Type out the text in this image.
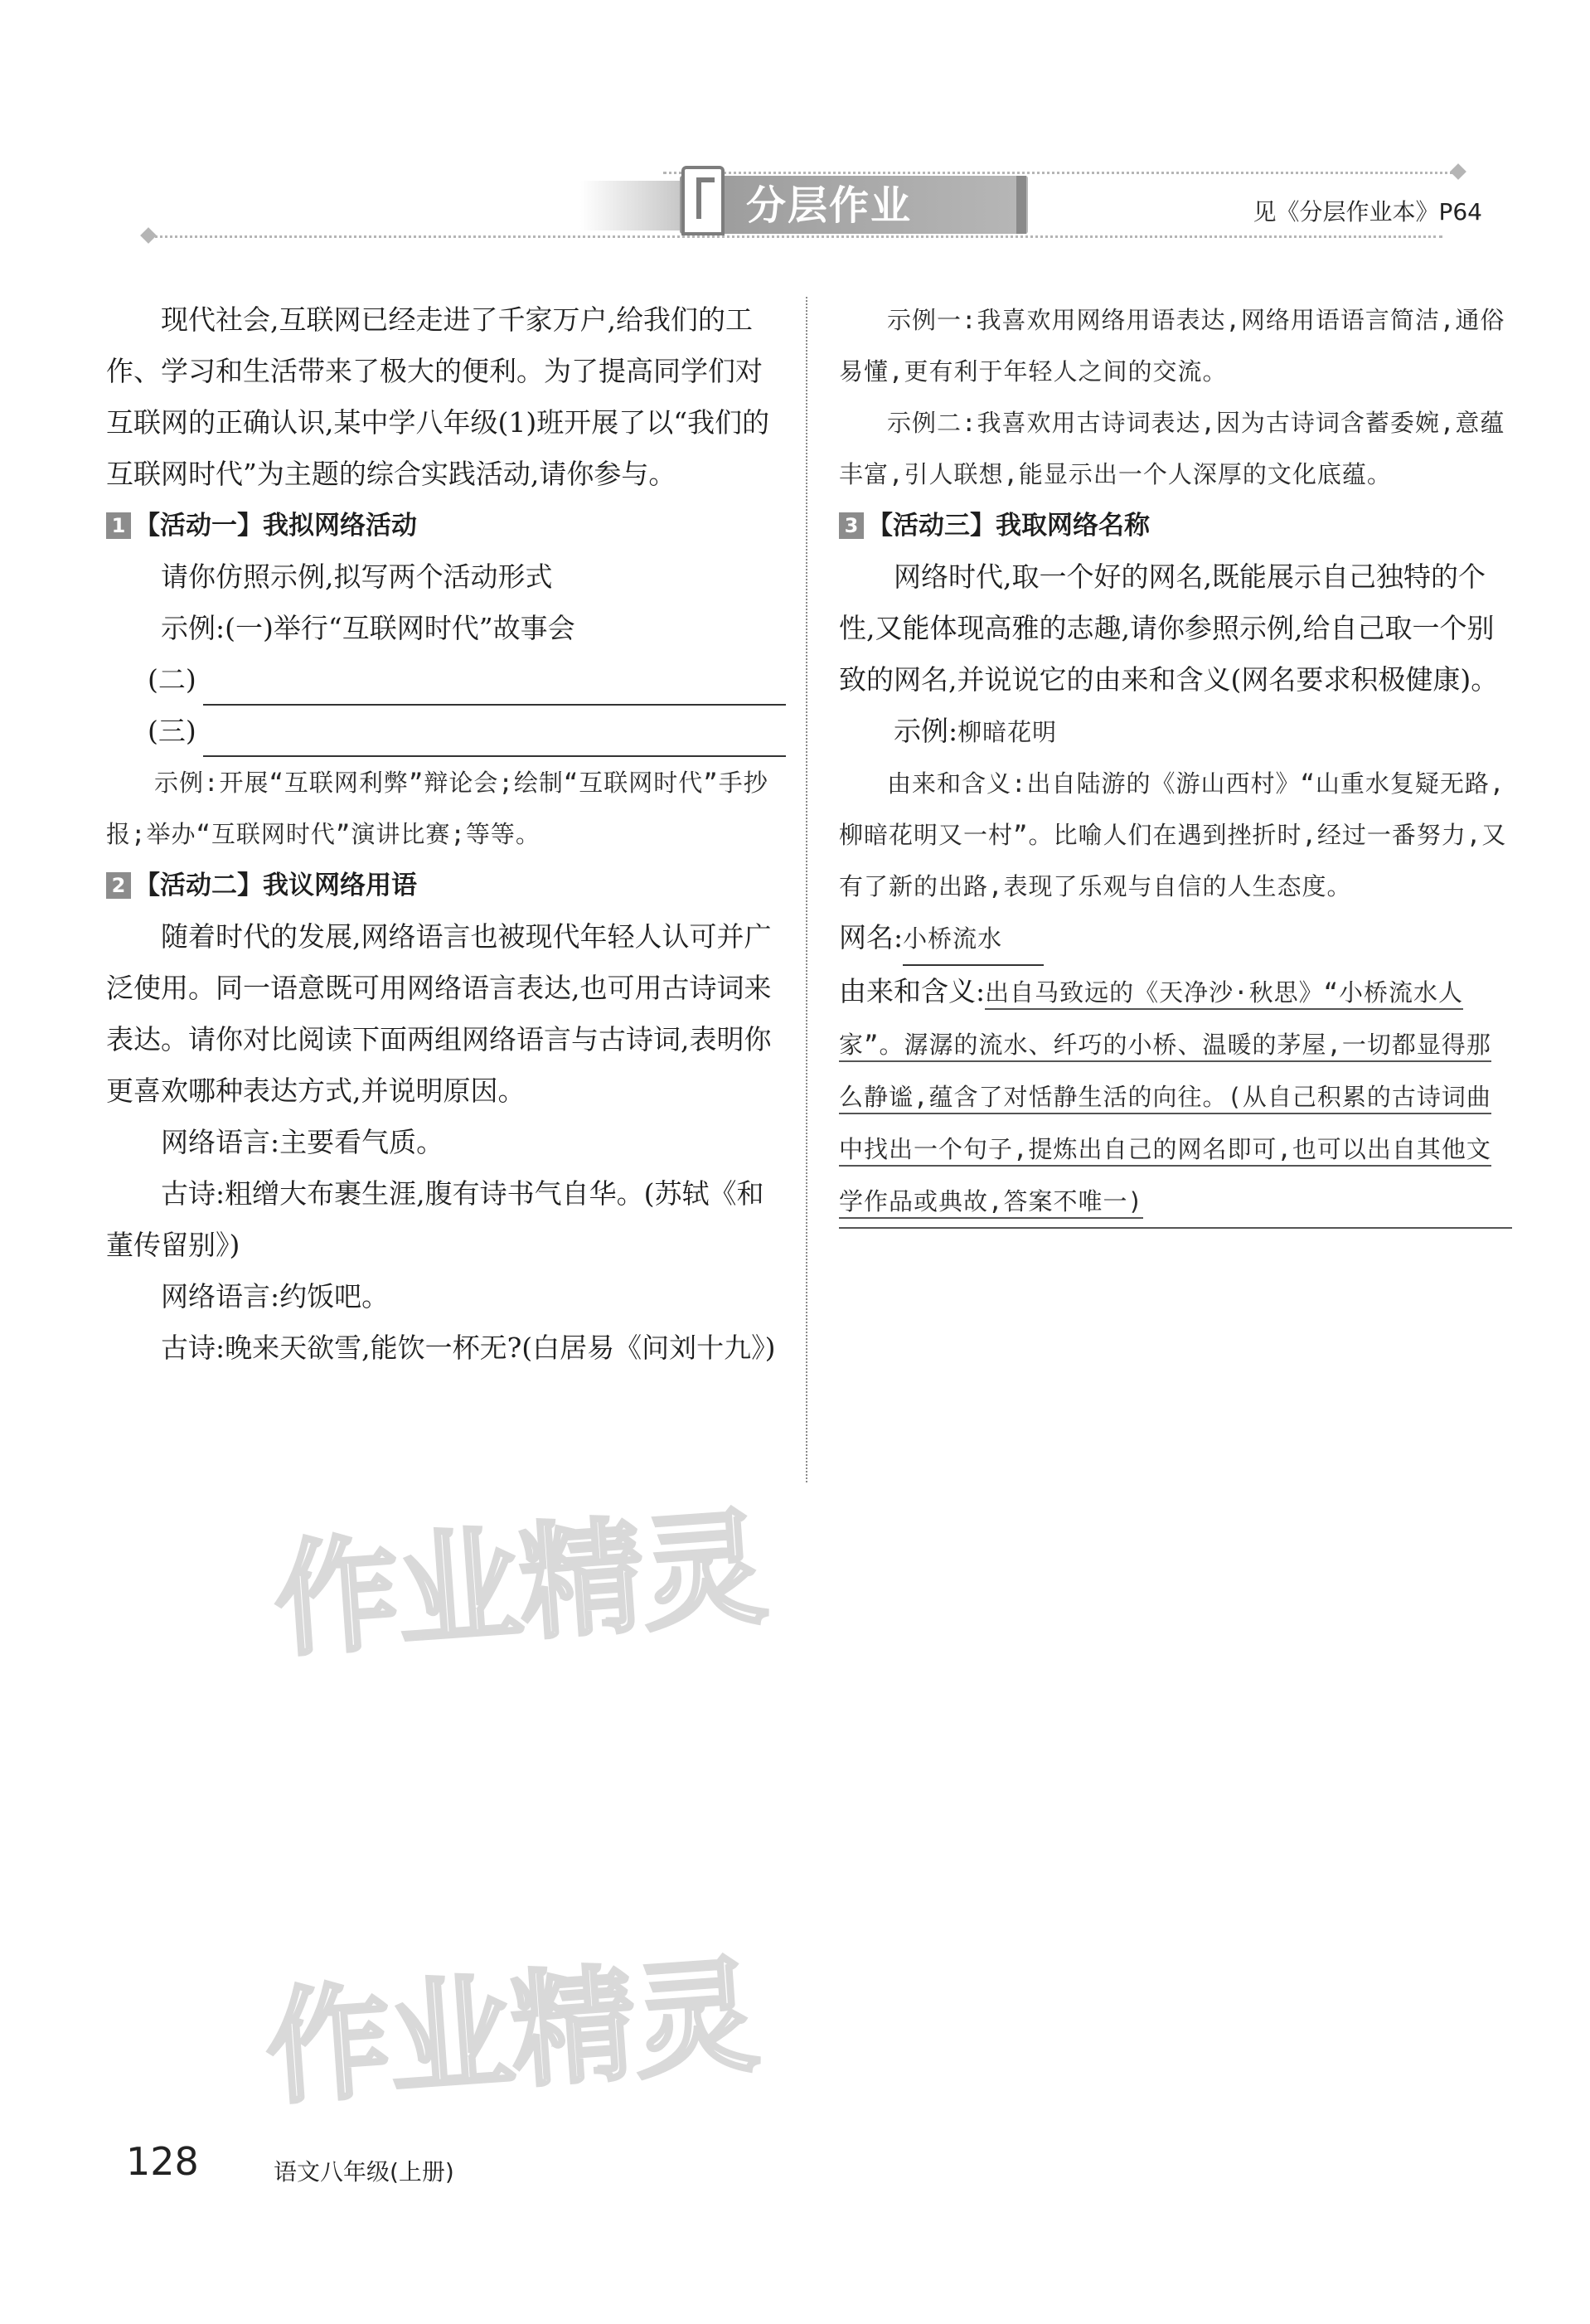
分层作业	见《分层作业本》P64

现代社会,互联网已经走进了千家万户,给我们的工作、学习和生活带来了极大的便利。为了提高同学们对互联网的正确认识,某中学八年级(1)班开展了以“我们的互联网时代”为主题的综合实践活动,请你参与。

1 【活动一】我拟网络活动

请你仿照示例,拟写两个活动形式

示例:(一)举行“互联网时代”故事会

(二)
(三)

示例:开展“互联网利弊”辩论会;绘制“互联网时代”手抄报;举办“互联网时代”演讲比赛;等等。

2 【活动二】我议网络用语

随着时代的发展,网络语言也被现代年轻人认可并广泛使用。同一语意既可用网络语言表达,也可用古诗词来表达。请你对比阅读下面两组网络语言与古诗词,表明你更喜欢哪种表达方式,并说明原因。

网络语言:主要看气质。

古诗:粗缯大布裹生涯,腹有诗书气自华。(苏轼《和董传留别》)

网络语言:约饭吧。

古诗:晚来天欲雪,能饮一杯无?(白居易《问刘十九》)

示例一:我喜欢用网络用语表达,网络用语语言简洁,通俗易懂,更有利于年轻人之间的交流。

示例二:我喜欢用古诗词表达,因为古诗词含蓄委婉,意蕴丰富,引人联想,能显示出一个人深厚的文化底蕴。

3 【活动三】我取网络名称

网络时代,取一个好的网名,既能展示自己独特的个性,又能体现高雅的志趣,请你参照示例,给自己取一个别致的网名,并说说它的由来和含义(网名要求积极健康)。

示例:柳暗花明

由来和含义:出自陆游的《游山西村》“山重水复疑无路,柳暗花明又一村”。比喻人们在遇到挫折时,经过一番努力,又有了新的出路,表现了乐观与自信的人生态度。

网名:小桥流水

由来和含义:出自马致远的《天净沙·秋思》“小桥流水人家”。潺潺的流水、纤巧的小桥、温暖的茅屋,一切都显得那么静谧,蕴含了对恬静生活的向往。(从自己积累的古诗词曲中找出一个句子,提炼出自己的网名即可,也可以出自其他文学作品或典故,答案不唯一)

作业精灵
作业精灵
128	语文八年级(上册)
